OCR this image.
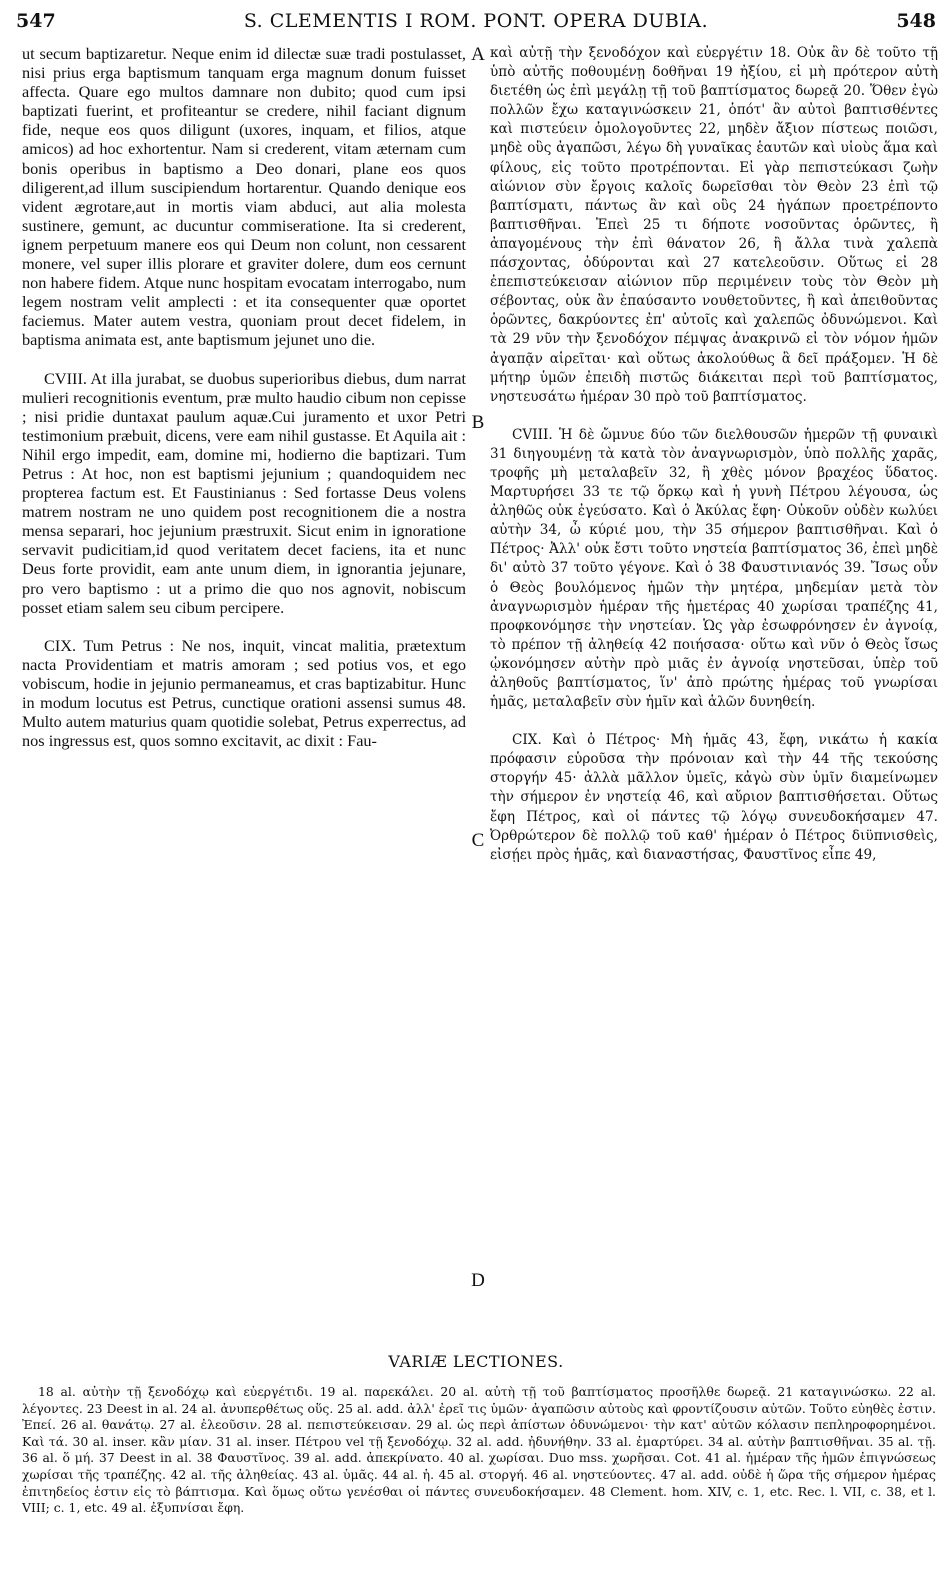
547	S. CLEMENTIS I ROM. PONT. OPERA DUBIA.	548

ut secum baptizaretur. Neque enim id dilectæ suæ tradi postulasset, nisi prius erga baptismum tanquam erga magnum donum fuisset affecta. Quare ego multos damnare non dubito; quod cum ipsi baptizati fuerint, et profiteantur se credere, nihil faciant dignum fide, neque eos quos diligunt (uxores, inquam, et filios, atque amicos) ad hoc exhortentur. Nam si crederent, vitam æternam cum bonis operibus in baptismo a Deo donari, plane eos quos diligerent,ad illum suscipiendum hortarentur. Quando denique eos vident ægrotare,aut in mortis viam abduci, aut alia molesta sustinere, gemunt, ac ducuntur commiseratione. Ita si crederent, ignem perpetuum manere eos qui Deum non colunt, non cessarent monere, vel super illis plorare et graviter dolere, dum eos cernunt non habere fidem. Atque nunc hospitam evocatam interrogabo, num legem nostram velit amplecti : et ita consequenter quæ oportet faciemus. Mater autem vestra, quoniam prout decet fidelem, in baptisma animata est, ante baptismum jejunet uno die.

CVIII. At illa jurabat, se duobus superioribus diebus, dum narrat mulieri recognitionis eventum, præ multo haudio cibum non cepisse ; nisi pridie duntaxat paulum aquæ.Cui juramento et uxor Petri testimonium præbuit, dicens, vere eam nihil gustasse. Et Aquila ait : Nihil ergo impedit, eam, domine mi, hodierno die baptizari. Tum Petrus : At hoc, non est baptismi jejunium ; quandoquidem nec propterea factum est. Et Faustinianus : Sed fortasse Deus volens matrem nostram ne uno quidem post recognitionem die a nostra mensa separari, hoc jejunium præstruxit. Sicut enim in ignoratione servavit pudicitiam,id quod veritatem decet faciens, ita et nunc Deus forte providit, eam ante unum diem, in ignorantia jejunare, pro vero baptismo : ut a primo die quo nos agnovit, nobiscum posset etiam salem seu cibum percipere.

CIX. Tum Petrus : Ne nos, inquit, vincat malitia, prætextum nacta Providentiam et matris amoram ; sed potius vos, et ego vobiscum, hodie in jejunio permaneamus, et cras baptizabitur. Hunc in modum locutus est Petrus, cunctique orationi assensi sumus 48. Multo autem maturius quam quotidie solebat, Petrus experrectus, ad nos ingressus est, quos somno excitavit, ac dixit : Fau-

A
B
C
D

καὶ αὐτῇ τὴν ξενοδόχον καὶ εὐεργέτιν 18. Οὐκ ἂν δὲ τοῦτο τῇ ὑπὸ αὐτῆς ποθουμένῃ δοθῆναι 19 ἠξίου, εἰ μὴ πρότερον αὐτὴ διετέθη ὡς ἐπὶ μεγάλῃ τῇ τοῦ βαπτίσματος δωρεᾷ 20. Ὅθεν ἐγὼ πολλῶν ἔχω καταγινώσκειν 21, ὁπότ' ἂν αὐτοὶ βαπτισθέντες καὶ πιστεύειν ὁμολογοῦντες 22, μηδὲν ἄξιον πίστεως ποιῶσι, μηδὲ οὓς ἀγαπῶσι, λέγω δὴ γυναῖκας ἑαυτῶν καὶ υἱοὺς ἅμα καὶ φίλους, εἰς τοῦτο προτρέπονται. Εἰ γὰρ πεπιστεύκασι ζωὴν αἰώνιον σὺν ἔργοις καλοῖς δωρεῖσθαι τὸν Θεὸν 23 ἐπὶ τῷ βαπτίσματι, πάντως ἂν καὶ οὓς 24 ἠγάπων προετρέποντο βαπτισθῆναι. Ἐπεὶ 25 τι δήποτε νοσοῦντας ὁρῶντες, ἢ ἀπαγομένους τὴν ἐπὶ θάνατον 26, ἢ ἄλλα τινὰ χαλεπὰ πάσχοντας, ὀδύρονται καὶ 27 κατελεοῦσιν. Οὕτως εἰ 28 ἐπεπιστεύκεισαν αἰώνιον πῦρ περιμένειν τοὺς τὸν Θεὸν μὴ σέβοντας, οὐκ ἂν ἐπαύσαντο νουθετοῦντες, ἢ καὶ ἀπειθοῦντας ὁρῶντες, δακρύοντες ἐπ' αὐτοῖς καὶ χαλεπῶς ὀδυνώμενοι. Καὶ τὰ 29 νῦν τὴν ξενοδόχον πέμψας ἀνακρινῶ εἰ τὸν νόμον ἡμῶν ἀγαπᾷν αἱρεῖται· καὶ οὕτως ἀκολούθως ἃ δεῖ πράξομεν. Ἡ δὲ μήτηρ ὑμῶν ἐπειδὴ πιστῶς διάκειται περὶ τοῦ βαπτίσματος, νηστευσάτω ἡμέραν 30 πρὸ τοῦ βαπτίσματος.

CVIII. Ἡ δὲ ὤμνυε δύο τῶν διελθουσῶν ἡμερῶν τῇ φυναικὶ 31 διηγουμένῃ τὰ κατὰ τὸν ἀναγνωρισμὸν, ὑπὸ πολλῆς χαρᾶς, τροφῆς μὴ μεταλαβεῖν 32, ἢ χθὲς μόνον βραχέος ὕδατος. Μαρτυρήσει 33 τε τῷ ὅρκῳ καὶ ἡ γυνὴ Πέτρου λέγουσα, ὡς ἀληθῶς οὐκ ἐγεύσατο. Καὶ ὁ Ἀκύλας ἔφη· Οὐκοῦν οὐδὲν κωλύει αὐτὴν 34, ὦ κύριέ μου, τὴν 35 σήμερον βαπτισθῆναι. Καὶ ὁ Πέτρος· Ἀλλ' οὐκ ἔστι τοῦτο νηστεία βαπτίσματος 36, ἐπεὶ μηδὲ δι' αὐτὸ 37 τοῦτο γέγονε. Καὶ ὁ 38 Φαυστινιανός 39. Ἴσως οὖν ὁ Θεὸς βουλόμενος ἡμῶν τὴν μητέρα, μηδεμίαν μετὰ τὸν ἀναγνωρισμὸν ἡμέραν τῆς ἡμετέρας 40 χωρίσαι τραπέζης 41, προφκονόμησε τὴν νηστείαν. Ὡς γὰρ ἐσωφρόνησεν ἐν ἀγνοίᾳ, τὸ πρέπον τῇ ἀληθείᾳ 42 ποιήσασα· οὕτω καὶ νῦν ὁ Θεὸς ἴσως ᾠκονόμησεν αὐτὴν πρὸ μιᾶς ἐν ἀγνοίᾳ νηστεῦσαι, ὑπὲρ τοῦ ἀληθοῦς βαπτίσματος, ἵν' ἀπὸ πρώτης ἡμέρας τοῦ γνωρίσαι ἡμᾶς, μεταλαβεῖν σὺν ἡμῖν καὶ ἁλῶν δυνηθείη.

CIX. Καὶ ὁ Πέτρος· Μὴ ἡμᾶς 43, ἔφη, νικάτω ἡ κακία πρόφασιν εὑροῦσα τὴν πρόνοιαν καὶ τὴν 44 τῆς τεκούσης στοργήν 45· ἀλλὰ μᾶλλον ὑμεῖς, κἀγὼ σὺν ὑμῖν διαμείνωμεν τὴν σήμερον ἐν νηστείᾳ 46, καὶ αὔριον βαπτισθήσεται. Οὕτως ἔφη Πέτρος, καὶ οἱ πάντες τῷ λόγῳ συνευδοκήσαμεν 47. Ὀρθρώτερον δὲ πολλῷ τοῦ καθ' ἡμέραν ὁ Πέτρος διϋπνισθεὶς, εἰσῄει πρὸς ἡμᾶς, καὶ διαναστήσας, Φαυστῖνος εἶπε 49,

VARIÆ LECTIONES.

18 al. αὐτὴν τῇ ξενοδόχῳ καὶ εὐεργέτιδι. 19 al. παρεκάλει. 20 al. αὐτὴ τῇ τοῦ βαπτίσματος προσῆλθε δωρεᾷ. 21 καταγινώσκω. 22 al. λέγοντες. 23 Deest in al. 24 al. ἀνυπερθέτως οὕς. 25 al. add. ἀλλ' ἐρεῖ τις ὑμῶν· ἀγαπῶσιν αὐτοὺς καὶ φροντίζουσιν αὐτῶν. Τοῦτο εὐηθὲς ἐστιν. Ἐπεί. 26 al. θανάτῳ. 27 al. ἐλεοῦσιν. 28 al. πεπιστεύκεισαν. 29 al. ὡς περὶ ἀπίστων ὀδυνώμενοι· τὴν κατ' αὐτῶν κόλασιν πεπληροφορημένοι. Καὶ τά. 30 al. inser. κἂν μίαν. 31 al. inser. Πέτρου vel τῇ ξενοδόχῳ. 32 al. add. ἠδυνήθην. 33 al. ἐμαρτύρει. 34 al. αὐτὴν βαπτισθῆναι. 35 al. τῇ. 36 al. ὅ μή. 37 Deest in al. 38 Φαυστῖνος. 39 al. add. ἀπεκρίνατο. 40 al. χωρίσαι. Duo mss. χωρῆσαι. Cot. 41 al. ἡμέραν τῆς ἡμῶν ἐπιγνώσεως χωρίσαι τῆς τραπέζης. 42 al. τῆς ἀληθείας. 43 al. ὑμᾶς. 44 al. ἡ. 45 al. στοργή. 46 al. νηστεύοντες. 47 al. add. οὐδὲ ἡ ὥρα τῆς σήμερον ἡμέρας ἐπιτηδείος ἐστιν εἰς τὸ βάπτισμα. Καὶ ὅμως οὕτω γενέσθαι οἱ πάντες συνευδοκήσαμεν. 48 Clement. hom. XIV, c. 1, etc. Rec. l. VII, c. 38, et l. VIII; c. 1, etc. 49 al. ἐξυπνίσαι ἔφη.
